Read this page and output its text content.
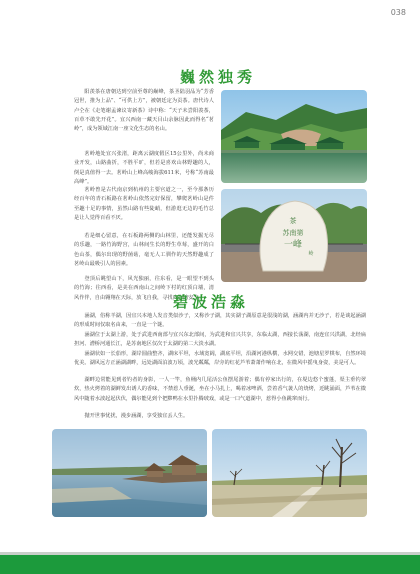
038
巍然独秀

阳羡茶在唐朝达到空前至尊的巅峰，茶圣陆羽品为“芳香冠世，推为上品”、“可供上方”，被朝廷定为贡茶。唐代诗人卢仝在《走笔谢孟谏议寄新茶》诗中称：“天子未尝阳羡茶，百草不敢先开花”。宜兴西南一藏天目山余脉因此而得名“茗岭”，成为领域江南一座文化生态的名山。

茗岭地处宜兴张渚，距离云湖度假区15公里外，尚未商业开发，山路曲折，不胜平旷，但若是喜欢山林野趣的人，倒是真值得一去。茗岭山上峰高峻海拔611米，号称“苏南最高峰”。

茗岭曾是古代南京到杭州的主要官道之一，至今那条历经百年的青石板路在茗岭山依然完好保留，攀爬茗岭山是件至趣十足的事情，虽然山路有些陡峭，但游逛无边的毛竹总是让人觉得百看不厌。

若是细心留意，在石板路两侧的山林里，还能发掘无尽的乐趣，一路竹海野宫，山林间生长的野生草莓，盛开的白色山茶，偶尔出现的野菌菇，毫无人工驯作的天然野趣成了茗岭山最吸引人的因素。

登顶后眺望山下，风光独丽，往东看，是一眼望不到头的竹海；往西看，是美在西南山之间岭下村的红顶白墙，清风作伴，自由翱翔在天际，放飞自我，寻找内心的安宁。

茶
苏南第
一峰
岭
碧波浩淼

涵湖，俗称羊湖，因宜兴本地人发音类似沙子，又称沙子湖，其实湖子湖原意是很浅的湖，涵湖内并无沙子，若是谈起涵湖的形成时间仅取名由来，一直是一个谜。

涵湖位于太湖上游，处于武进西南部与宜兴东北部间，为武进和宜兴共享，东临太湖，西接长荡湖，南连宜兴洪湖，北经扁担河、漕桥河通长江，是苏南地区仅次于太湖的第二大淡水湖。

涵湖状如一长茄形，湖岸圆曲整齐，湖床平坦，水域宽阔，湖底平坦，沿湖河港纵横，水网交错，池塘星罗棋布，自然环境优美。湖风远方正涵湖湖畔，远处湖面泊波万顷，波光粼粼，岸旁的红花芦苇萧萧作响在北，在微风中摇曳身姿，美是可人。

湖畔边常能见到者钓者的身影，一人一竿，鱼桶内几尾活公鱼摆尾游着；偶有停家出行的，在堤边悠个蜜蓬，渠主垂钓翠炊，热火烤着的湖鲜发出诱人的香味，不禁惹人垂涎，坐在小马扎上，喝着冰啤酒，尝着香气袭人的烧烤，近眺涌面，芦苇在微风中随着水波起起伏伏，偶尔能见到个把黟鸭在水里扑腾玻戏，或是一口气道湖中，惹得小鱼跳窜而行。

抛开世事忧扰，漫步涵湖，享受独宜丢人生。
